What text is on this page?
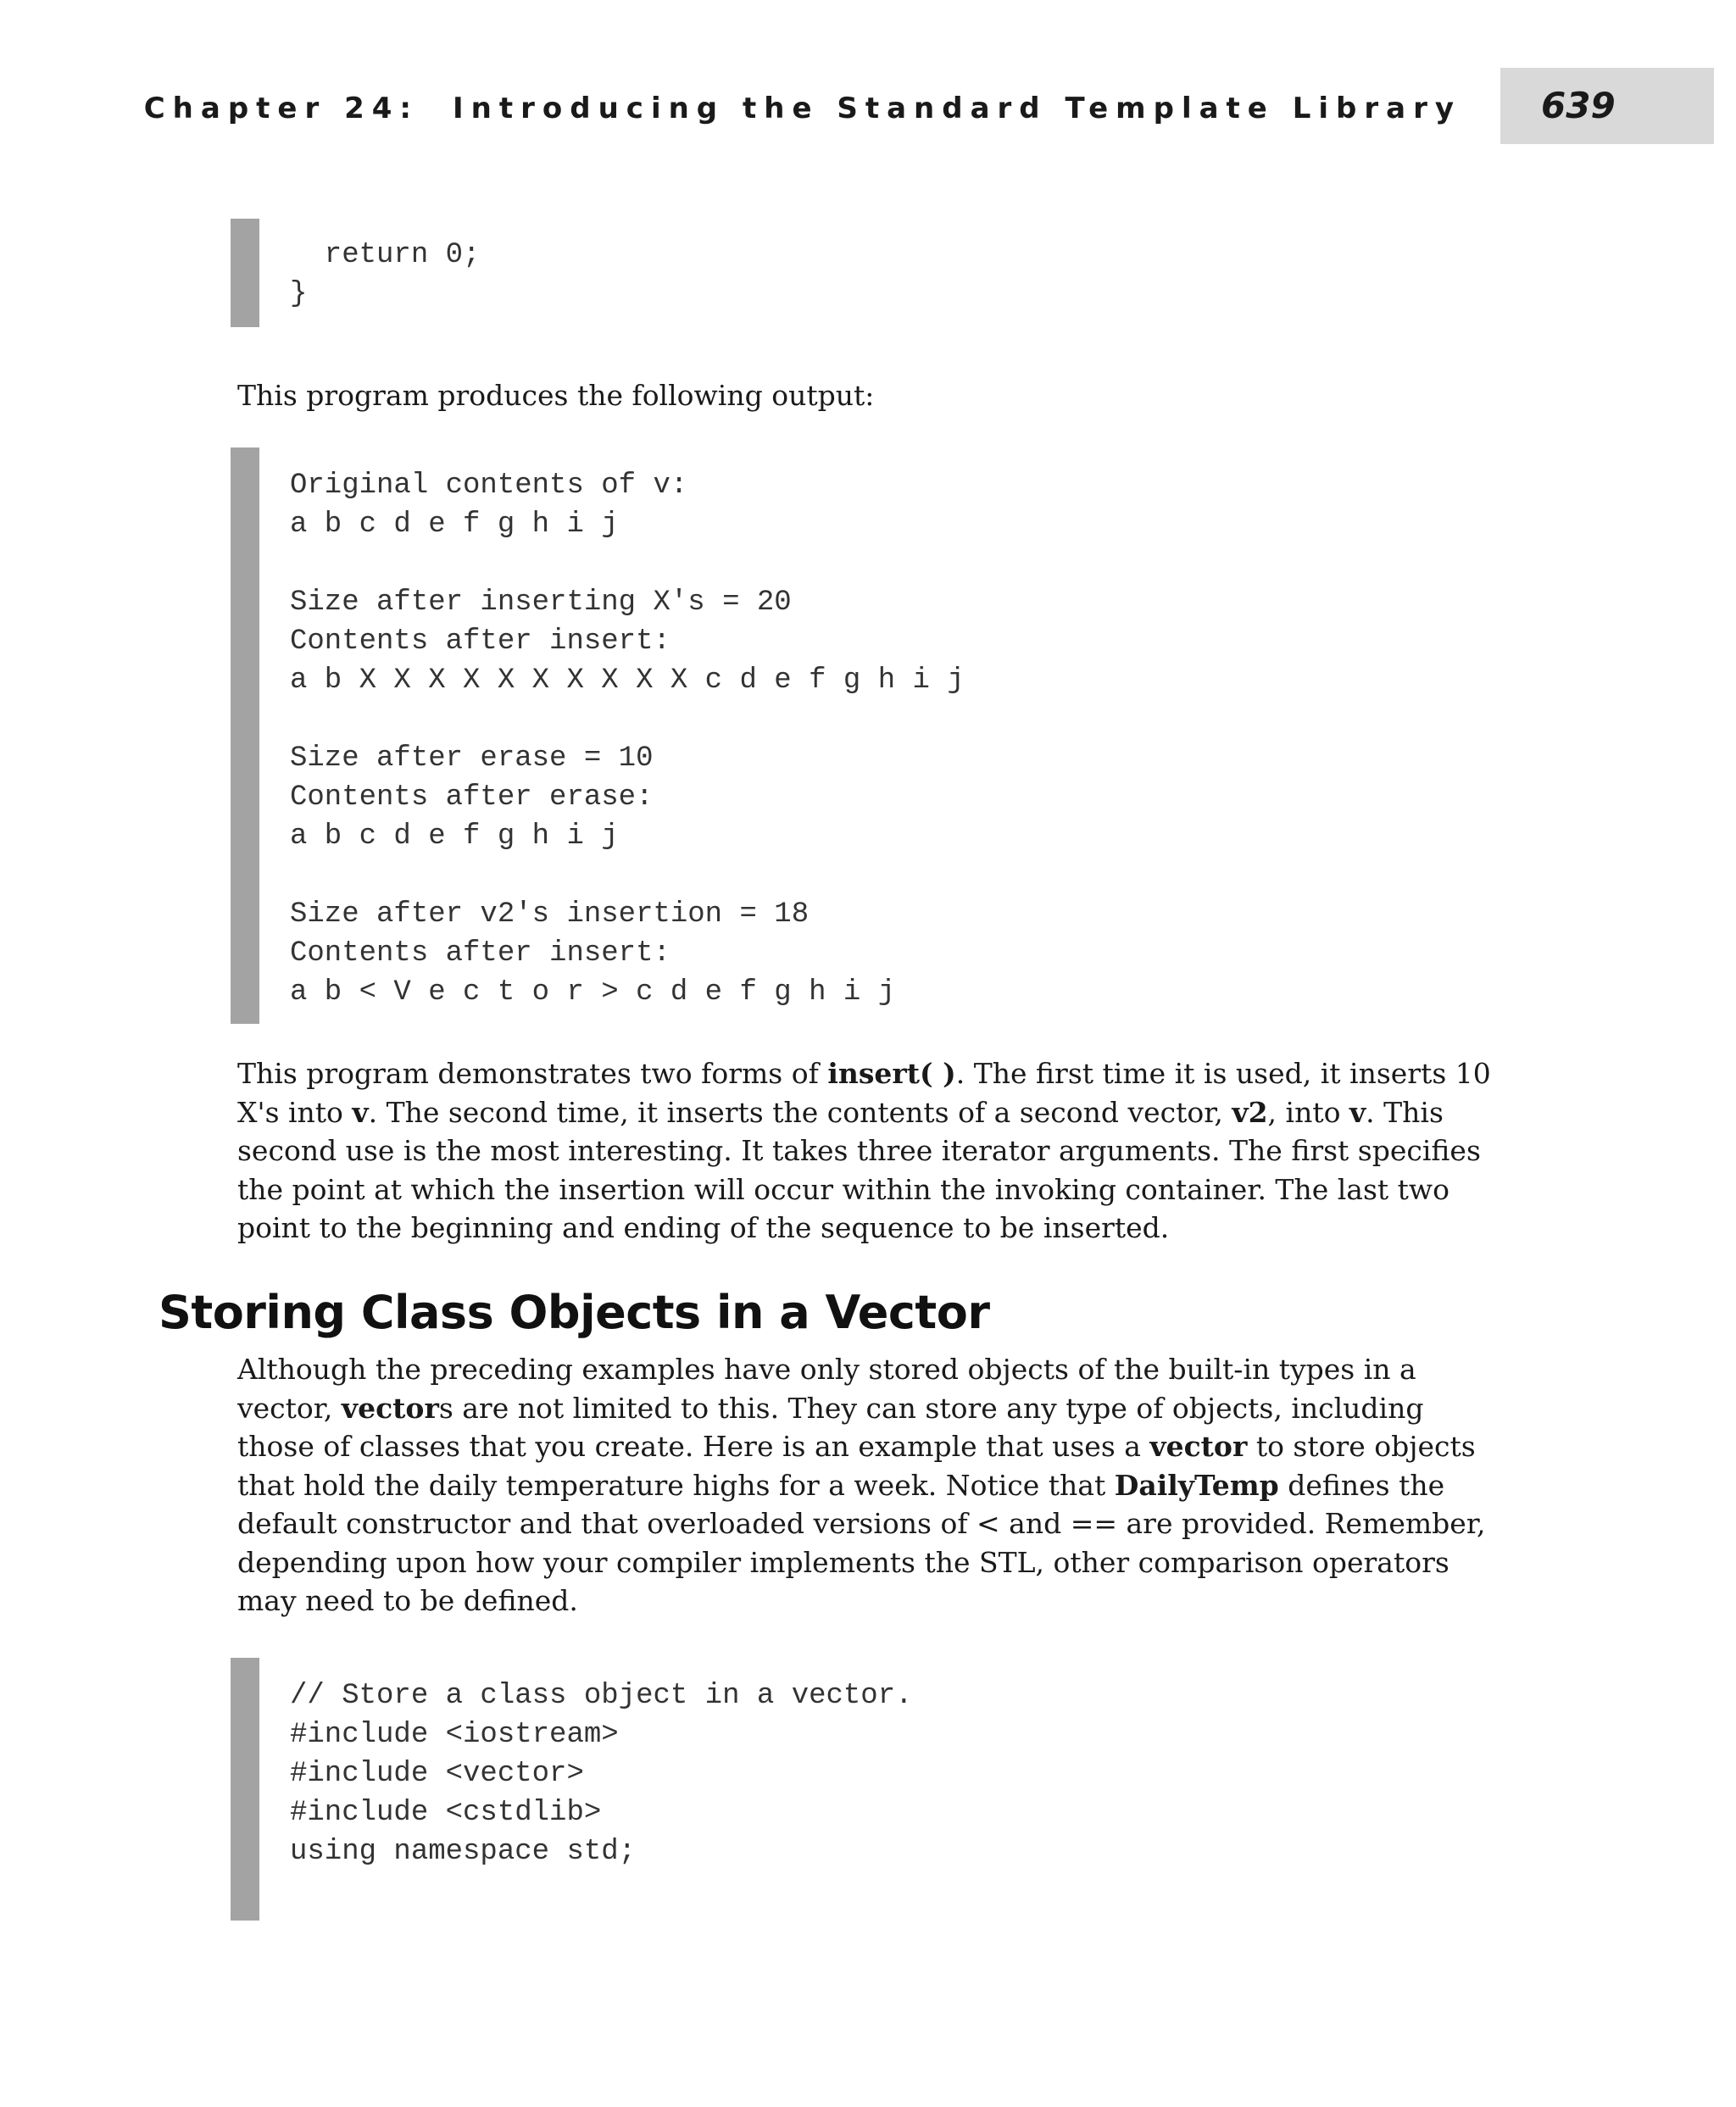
Chapter 24: Introducing the Standard Template Library 639
return 0;
}

This program produces the following output:

Original contents of v:
a b c d e f g h i j

Size after inserting X's = 20
Contents after insert:
a b X X X X X X X X X X c d e f g h i j

Size after erase = 10
Contents after erase:
a b c d e f g h i j

Size after v2's insertion = 18
Contents after insert:
a b < V e c t o r > c d e f g h i j

This program demonstrates two forms of insert( ). The first time it is used, it inserts 10 X's into v. The second time, it inserts the contents of a second vector, v2, into v. This second use is the most interesting. It takes three iterator arguments. The first specifies the point at which the insertion will occur within the invoking container. The last two point to the beginning and ending of the sequence to be inserted.

Storing Class Objects in a Vector

Although the preceding examples have only stored objects of the built-in types in a vector, vectors are not limited to this. They can store any type of objects, including those of classes that you create. Here is an example that uses a vector to store objects that hold the daily temperature highs for a week. Notice that DailyTemp defines the default constructor and that overloaded versions of < and == are provided. Remember, depending upon how your compiler implements the STL, other comparison operators may need to be defined.

// Store a class object in a vector.
#include <iostream>
#include <vector>
#include <cstdlib>
using namespace std;
